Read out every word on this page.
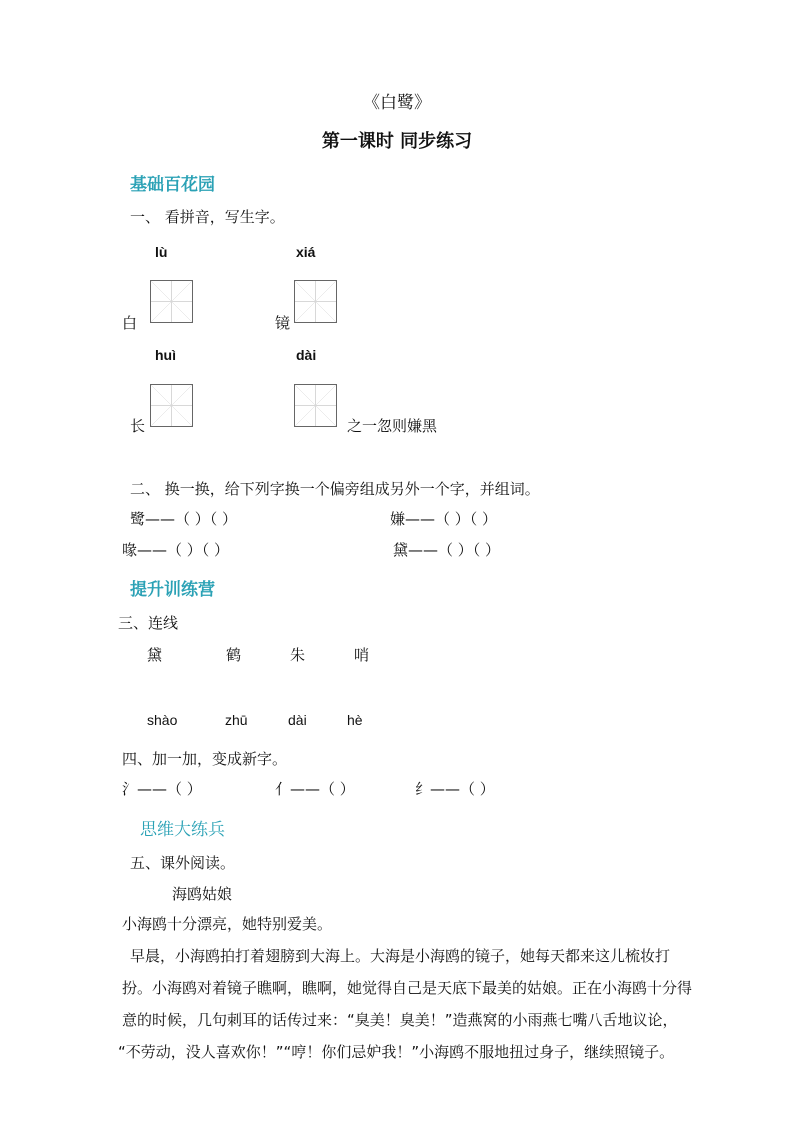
《白鹭》
第一课时 同步练习
基础百花园
一、 看拼音，写生字。
lù	xiá
白	镜
huì	dài
长	之一忽则嫌黑
二、 换一换，给下列字换一个偏旁组成另外一个字，并组词。
鹭——（ ）（ ）	嫌——（ ）（ ）
喙——（ ）（ ）	黛——（ ）（ ）
提升训练营
三、连线
黛	鹤	朱	哨
shào	zhū	dài	hè
四、加一加，变成新字。
氵——（ ）	亻——（ ）	纟——（ ）
思维大练兵
五、课外阅读。
海鸥姑娘
小海鸥十分漂亮，她特别爱美。
早晨，小海鸥拍打着翅膀到大海上。大海是小海鸥的镜子，她每天都来这儿梳妆打
扮。小海鸥对着镜子瞧啊，瞧啊，她觉得自己是天底下最美的姑娘。正在小海鸥十分得
意的时候，几句刺耳的话传过来：“臭美！臭美！”造燕窝的小雨燕七嘴八舌地议论，
“不劳动，没人喜欢你！”“哼！你们忌妒我！”小海鸥不服地扭过身子，继续照镜子。
